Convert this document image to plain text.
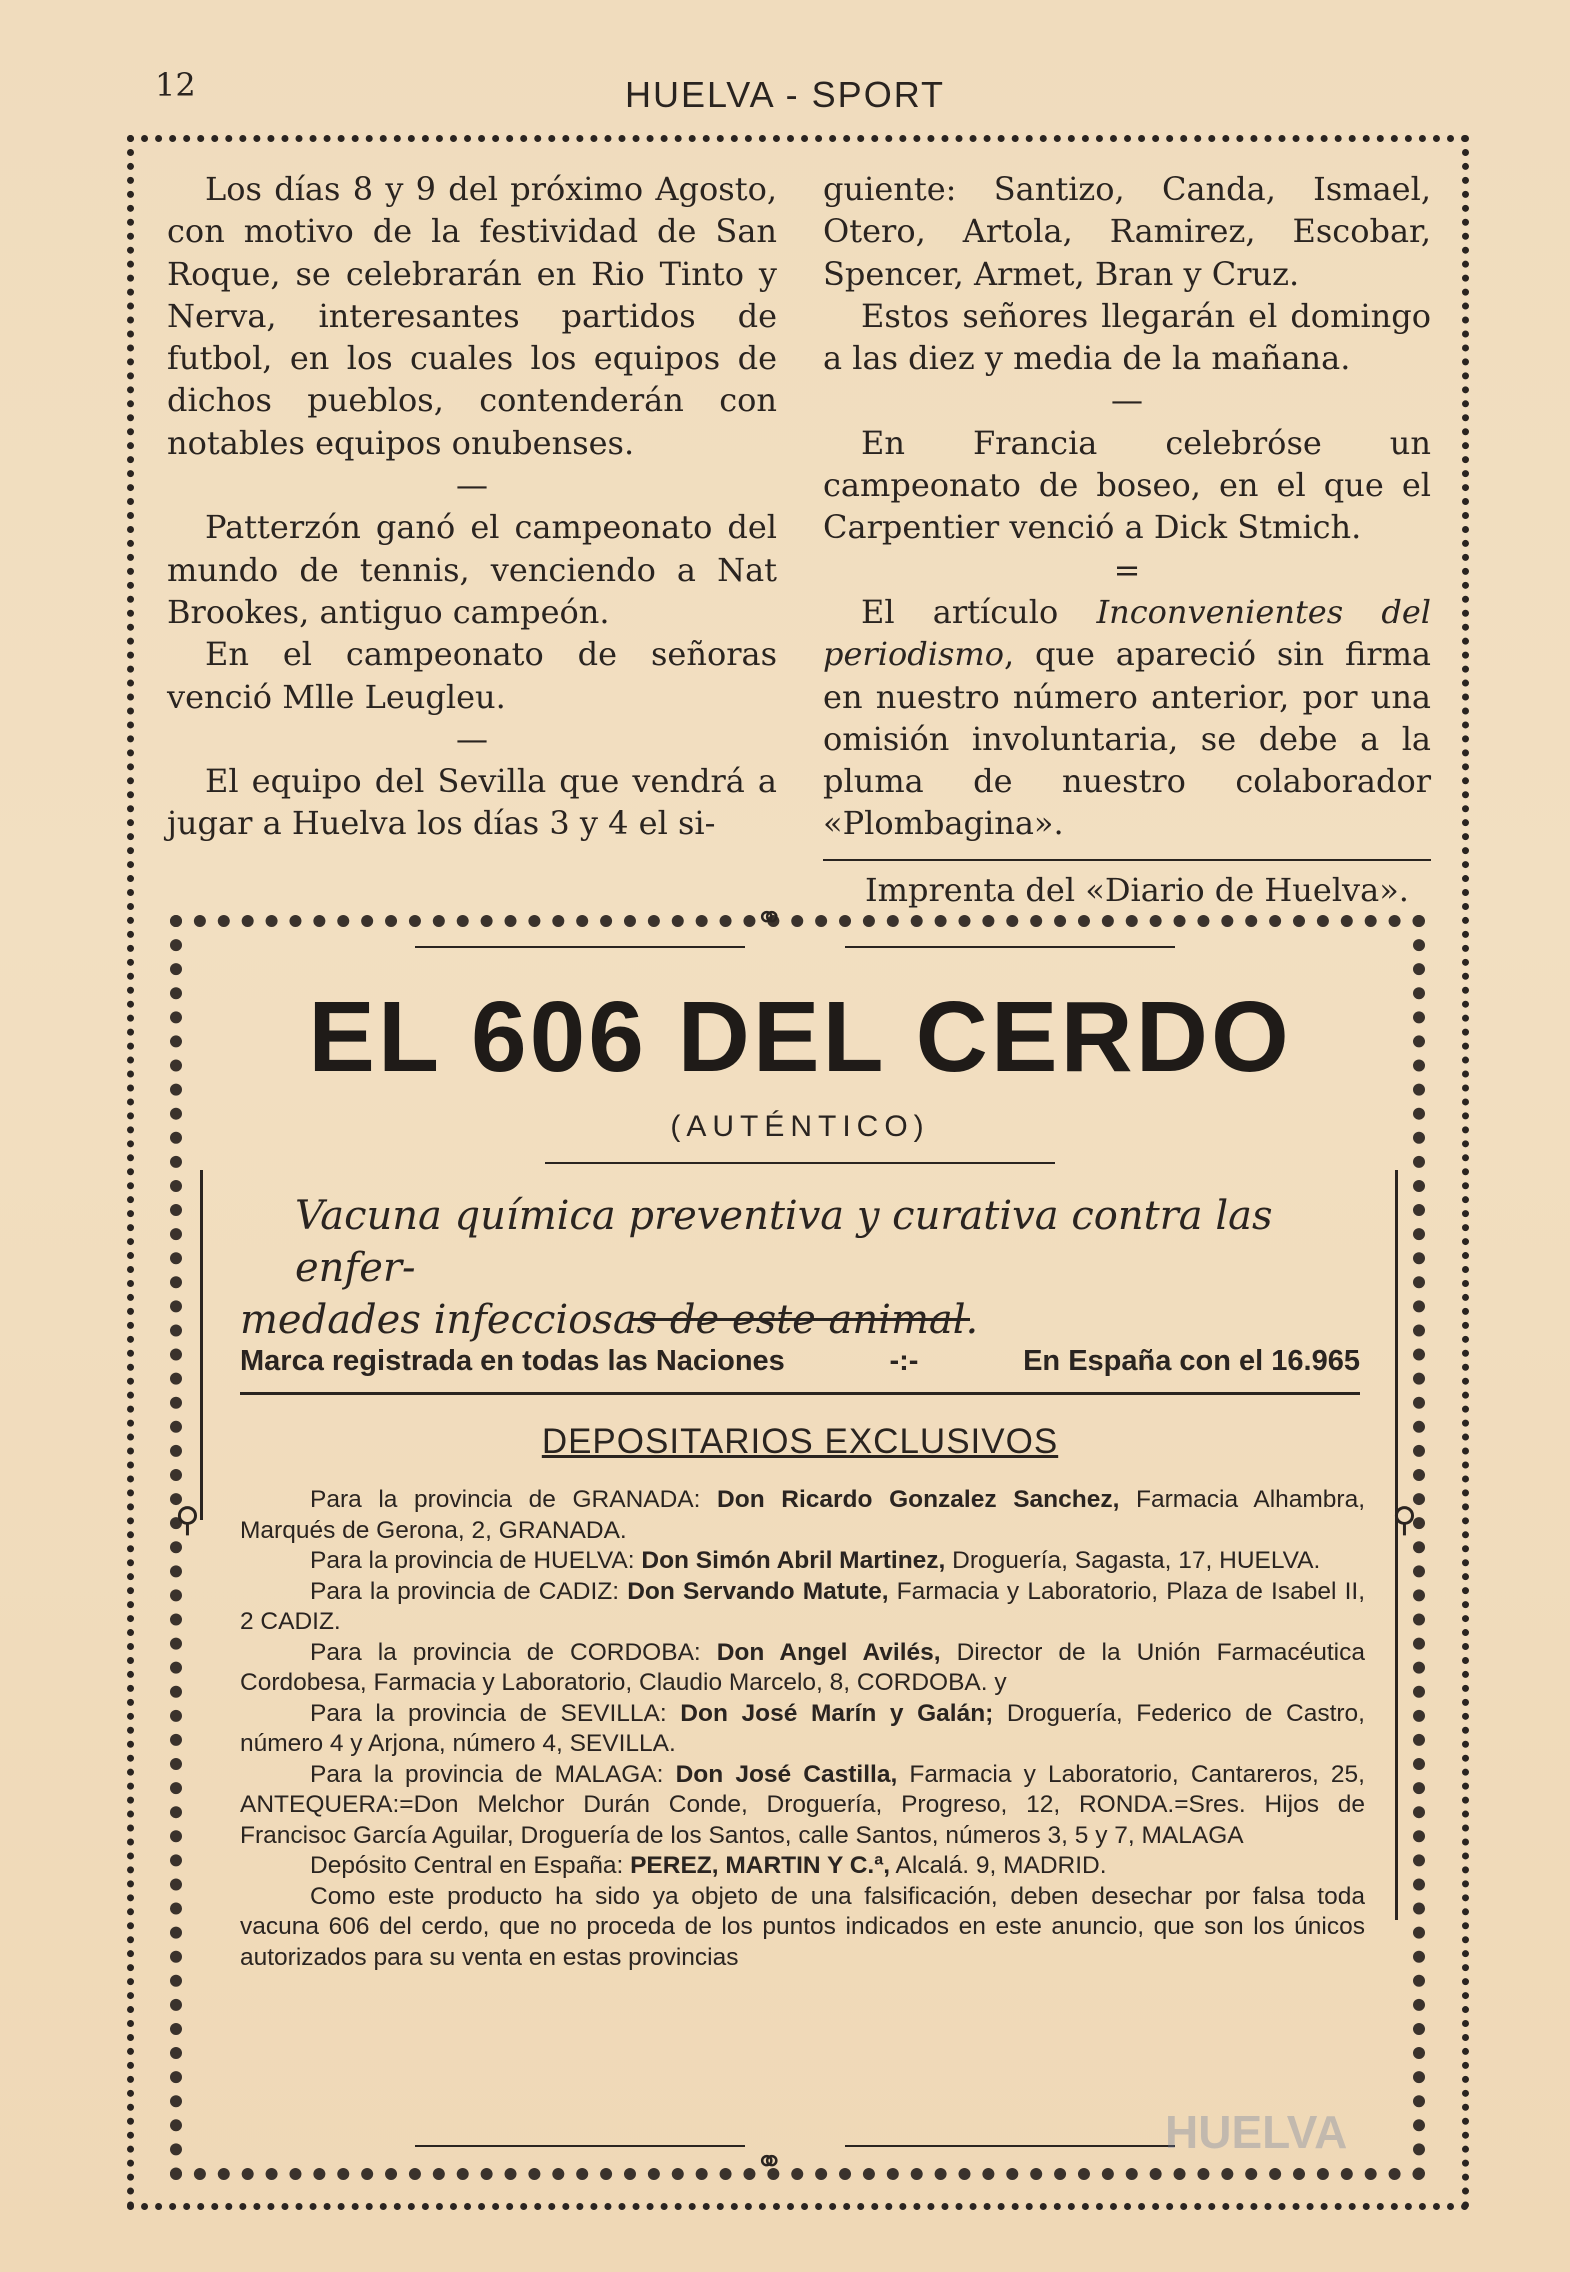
12	HUELVA - SPORT

Los días 8 y 9 del próximo Agosto, con motivo de la festividad de San Roque, se celebrarán en Rio Tinto y Nerva, interesantes partidos de futbol, en los cuales los equipos de dichos pueblos, contenderán con notables equipos onubenses.

—

Patterzón ganó el campeonato del mundo de tennis, venciendo a Nat Brookes, antiguo campeón.

En el campeonato de señoras venció Mlle Leugleu.

—

El equipo del Sevilla que vendrá a jugar a Huelva los días 3 y 4 el si-

guiente: Santizo, Canda, Ismael, Otero, Artola, Ramirez, Escobar, Spencer, Armet, Bran y Cruz.

Estos señores llegarán el domingo a las diez y media de la mañana.

—

En Francia celebróse un campeonato de boseo, en el que el Carpentier venció a Dick Stmich.

=

El artículo Inconvenientes del periodismo, que apareció sin firma en nuestro número anterior, por una omisión involuntaria, se debe a la pluma de nuestro colaborador «Plombagina».

Imprenta del «Diario de Huelva».

⚭
⚭
⚲	⚲
EL 606 DEL CERDO
(AUTÉNTICO)
Vacuna química preventiva y curativa contra las enfer-
medades infecciosas de este animal.
Marca registrada en todas las Naciones	-:-	En España con el 16.965
DEPOSITARIOS EXCLUSIVOS

Para la provincia de GRANADA: Don Ricardo Gonzalez Sanchez, Farmacia Alhambra, Marqués de Gerona, 2, GRANADA.

Para la provincia de HUELVA: Don Simón Abril Martinez, Droguería, Sagasta, 17, HUELVA.

Para la provincia de CADIZ: Don Servando Matute, Farmacia y Laboratorio, Plaza de Isabel II, 2 CADIZ.

Para la provincia de CORDOBA: Don Angel Avilés, Director de la Unión Farmacéutica Cordobesa, Farmacia y Laboratorio, Claudio Marcelo, 8, CORDOBA. y

Para la provincia de SEVILLA: Don José Marín y Galán; Droguería, Federico de Castro, número 4 y Arjona, número 4, SEVILLA.

Para la provincia de MALAGA: Don José Castilla, Farmacia y Laboratorio, Cantareros, 25, ANTEQUERA:=Don Melchor Durán Conde, Droguería, Progreso, 12, RONDA.=Sres. Hijos de Francisoc García Aguilar, Droguería de los Santos, calle Santos, números 3, 5 y 7, MALAGA

Depósito Central en España: PEREZ, MARTIN Y C.ª, Alcalá. 9, MADRID.

Como este producto ha sido ya objeto de una falsificación, deben desechar por falsa toda vacuna 606 del cerdo, que no proceda de los puntos indicados en este anuncio, que son los únicos autorizados para su venta en estas provincias

HUELVA
